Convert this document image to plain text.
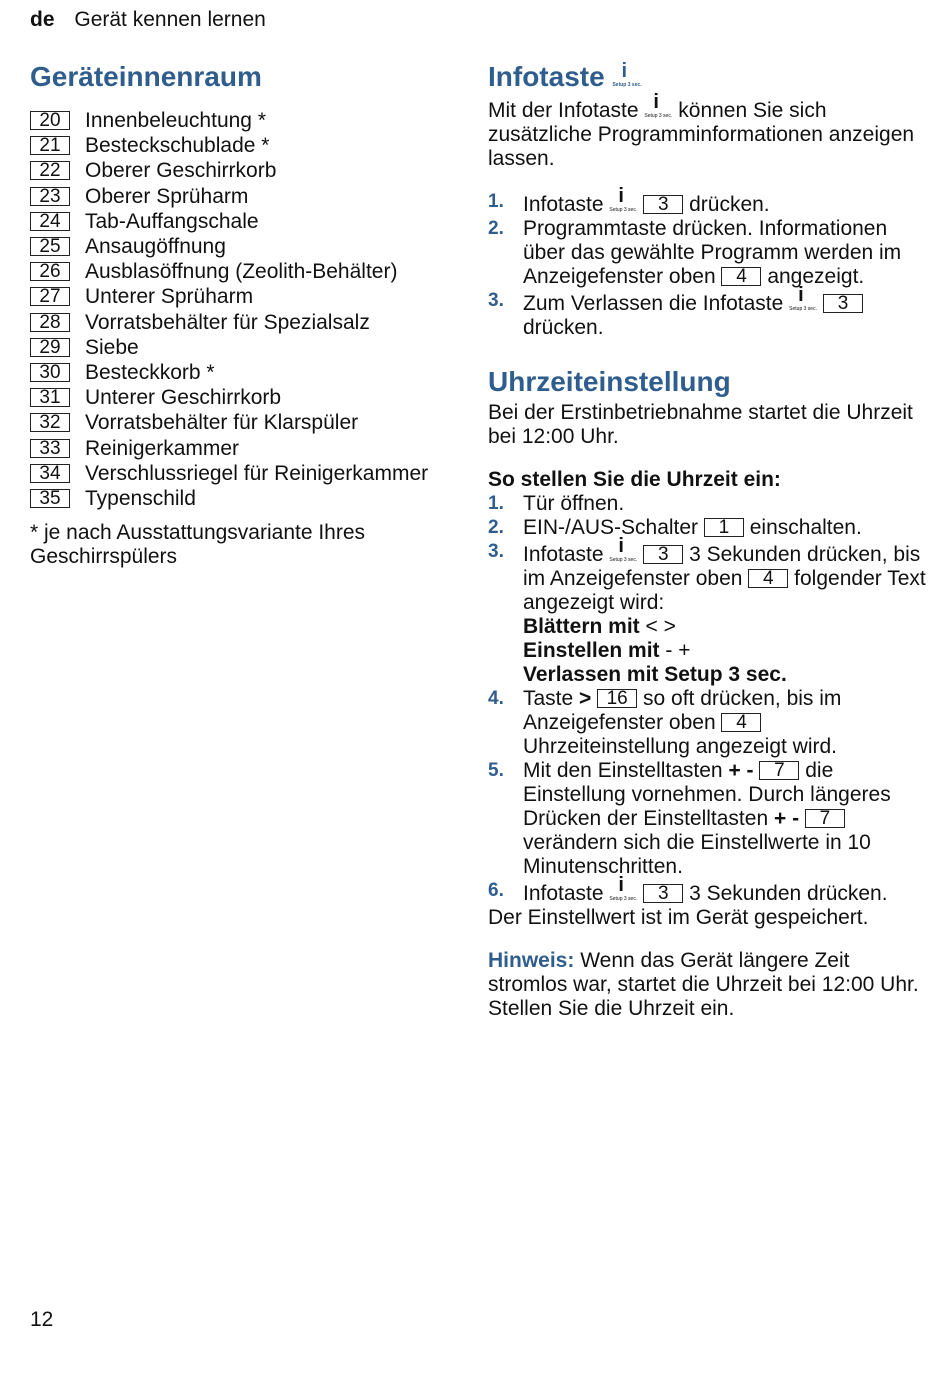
de Gerät kennen lernen
Geräteinnenraum
20	Innenbeleuchtung *
21	Besteckschublade *
22	Oberer Geschirrkorb
23	Oberer Sprüharm
24	Tab-Auffangschale
25	Ansaugöffnung
26	Ausblasöffnung (Zeolith-Behälter)
27	Unterer Sprüharm
28	Vorratsbehälter für Spezialsalz
29	Siebe
30	Besteckkorb *
31	Unterer Geschirrkorb
32	Vorratsbehälter für Klarspüler
33	Reinigerkammer
34	Verschlussriegel für Reinigerkammer
35	Typenschild

* je nach Ausstattungsvariante Ihres Geschirrspülers

Infotaste i
Setup 3 sec.

Mit der Infotaste i
Setup 3 sec. können Sie sich zusätzliche Programminformationen anzeigen lassen.

1. Infotaste i
Setup 3 sec. 3 drücken.
2. Programmtaste drücken. Informationen über das gewählte Programm werden im Anzeigefenster oben 4 angezeigt.
3. Zum Verlassen die Infotaste i
Setup 3 sec. 3 drücken.
Uhrzeiteinstellung

Bei der Erstinbetriebnahme startet die Uhrzeit bei 12:00 Uhr.

So stellen Sie die Uhrzeit ein:

1. Tür öffnen.
2. EIN-/AUS-Schalter 1 einschalten.
3. Infotaste i
Setup 3 sec. 3 3 Sekunden drücken, bis im Anzeigefenster oben 4 folgender Text angezeigt wird:
Blättern mit < >
Einstellen mit - +
Verlassen mit Setup 3 sec.
4. Taste > 16 so oft drücken, bis im Anzeigefenster oben 4 Uhrzeiteinstellung angezeigt wird.
5. Mit den Einstelltasten + - 7 die Einstellung vornehmen. Durch längeres Drücken der Einstelltasten + - 7 verändern sich die Einstellwerte in 10 Minutenschritten.
6. Infotaste i
Setup 3 sec. 3 3 Sekunden drücken.

Der Einstellwert ist im Gerät gespeichert.

Hinweis: Wenn das Gerät längere Zeit stromlos war, startet die Uhrzeit bei 12:00 Uhr. Stellen Sie die Uhrzeit ein.

12
